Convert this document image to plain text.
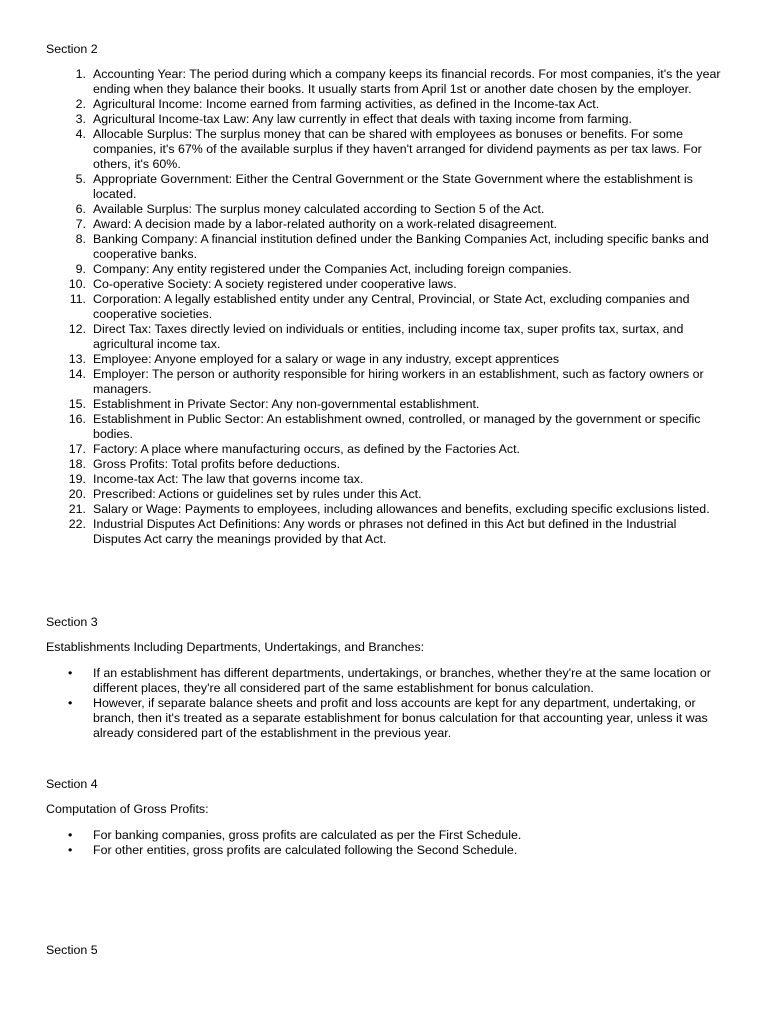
Section 2

1. Accounting Year: The period during which a company keeps its financial records. For most companies, it's the year ending when they balance their books. It usually starts from April 1st or another date chosen by the employer.
2. Agricultural Income: Income earned from farming activities, as defined in the Income-tax Act.
3. Agricultural Income-tax Law: Any law currently in effect that deals with taxing income from farming.
4. Allocable Surplus: The surplus money that can be shared with employees as bonuses or benefits. For some companies, it's 67% of the available surplus if they haven't arranged for dividend payments as per tax laws. For others, it's 60%.
5. Appropriate Government: Either the Central Government or the State Government where the establishment is located.
6. Available Surplus: The surplus money calculated according to Section 5 of the Act.
7. Award: A decision made by a labor-related authority on a work-related disagreement.
8. Banking Company: A financial institution defined under the Banking Companies Act, including specific banks and cooperative banks.
9. Company: Any entity registered under the Companies Act, including foreign companies.
10. Co-operative Society: A society registered under cooperative laws.
11. Corporation: A legally established entity under any Central, Provincial, or State Act, excluding companies and cooperative societies.
12. Direct Tax: Taxes directly levied on individuals or entities, including income tax, super profits tax, surtax, and agricultural income tax.
13. Employee: Anyone employed for a salary or wage in any industry, except apprentices
14. Employer: The person or authority responsible for hiring workers in an establishment, such as factory owners or managers.
15. Establishment in Private Sector: Any non-governmental establishment.
16. Establishment in Public Sector: An establishment owned, controlled, or managed by the government or specific bodies.
17. Factory: A place where manufacturing occurs, as defined by the Factories Act.
18. Gross Profits: Total profits before deductions.
19. Income-tax Act: The law that governs income tax.
20. Prescribed: Actions or guidelines set by rules under this Act.
21. Salary or Wage: Payments to employees, including allowances and benefits, excluding specific exclusions listed.
22. Industrial Disputes Act Definitions: Any words or phrases not defined in this Act but defined in the Industrial Disputes Act carry the meanings provided by that Act.

Section 3

Establishments Including Departments, Undertakings, and Branches:

• If an establishment has different departments, undertakings, or branches, whether they're at the same location or different places, they're all considered part of the same establishment for bonus calculation.
• However, if separate balance sheets and profit and loss accounts are kept for any department, undertaking, or branch, then it's treated as a separate establishment for bonus calculation for that accounting year, unless it was already considered part of the establishment in the previous year.

Section 4

Computation of Gross Profits:

• For banking companies, gross profits are calculated as per the First Schedule.
• For other entities, gross profits are calculated following the Second Schedule.

Section 5
